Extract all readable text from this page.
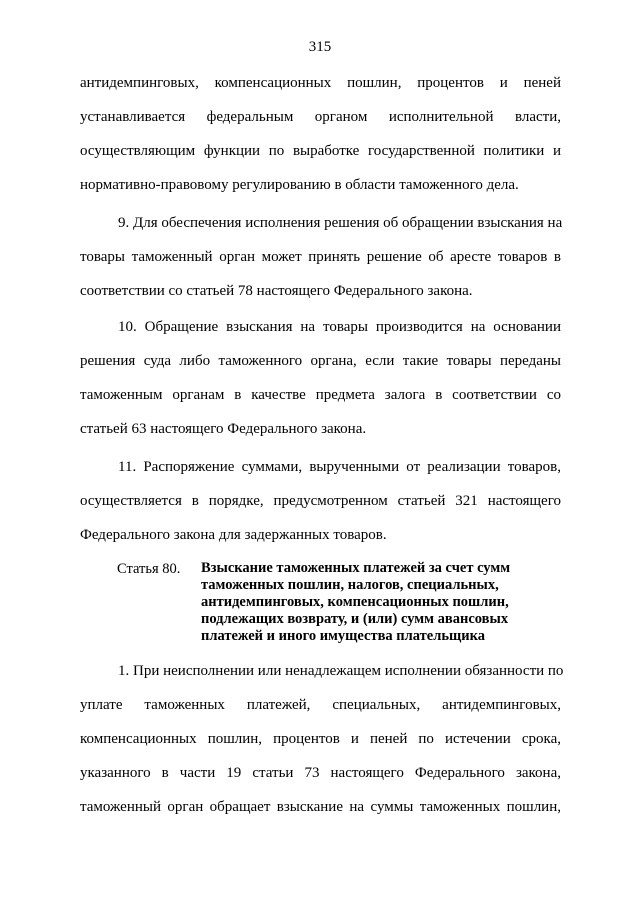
315
антидемпинговых, компенсационных пошлин, процентов и пеней
устанавливается федеральным органом исполнительной власти,
осуществляющим функции по выработке государственной политики и
нормативно-правовому регулированию в области таможенного дела.
9. Для обеспечения исполнения решения об обращении взыскания на
товары таможенный орган может принять решение об аресте товаров в
соответствии со статьей 78 настоящего Федерального закона.
10. Обращение взыскания на товары производится на основании
решения суда либо таможенного органа, если такие товары переданы
таможенным органам в качестве предмета залога в соответствии со
статьей 63 настоящего Федерального закона.
11. Распоряжение суммами, вырученными от реализации товаров,
осуществляется в порядке, предусмотренном статьей 321 настоящего
Федерального закона для задержанных товаров.
Статья 80. Взыскание таможенных платежей за счет сумм
таможенных пошлин, налогов, специальных,
антидемпинговых, компенсационных пошлин,
подлежащих возврату, и (или) сумм авансовых
платежей и иного имущества плательщика
1. При неисполнении или ненадлежащем исполнении обязанности по
уплате таможенных платежей, специальных, антидемпинговых,
компенсационных пошлин, процентов и пеней по истечении срока,
указанного в части 19 статьи 73 настоящего Федерального закона,
таможенный орган обращает взыскание на суммы таможенных пошлин,
